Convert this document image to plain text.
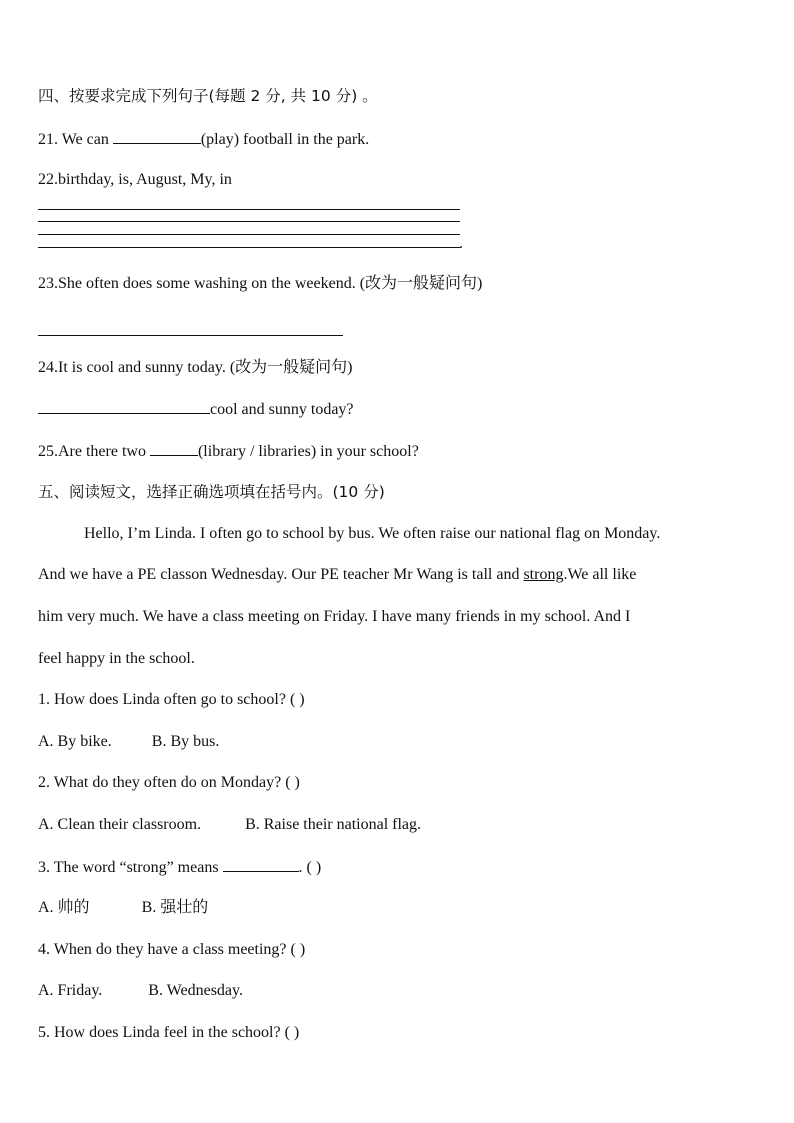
四、按要求完成下列句子(每题 2 分, 共 10 分) 。
21. We can	(play) football in the park.
22.birthday, is, August, My, in
.
23.She often does some washing on the weekend. (改为一般疑问句)
24.It is cool and sunny today. (改为一般疑问句)
cool and sunny today?
25.Are there two	(library / libraries) in your school?
五、阅读短文，选择正确选项填在括号内。(10 分)
Hello, I’m Linda. I often go to school by bus. We often raise our national flag on Monday.
And we have a PE classon Wednesday. Our PE teacher Mr Wang is tall and strong.We all like
him very much. We have a class meeting on Friday. I have many friends in my school. And I
feel happy in the school.
1. How does Linda often go to school? ( )
A. By bike.	B. By bus.
2. What do they often do on Monday? ( )
A. Clean their classroom.	B. Raise their national flag.
3. The word “strong” means	. ( )
A. 帅的	B. 强壮的
4. When do they have a class meeting? ( )
A. Friday.	B. Wednesday.
5. How does Linda feel in the school? ( )
